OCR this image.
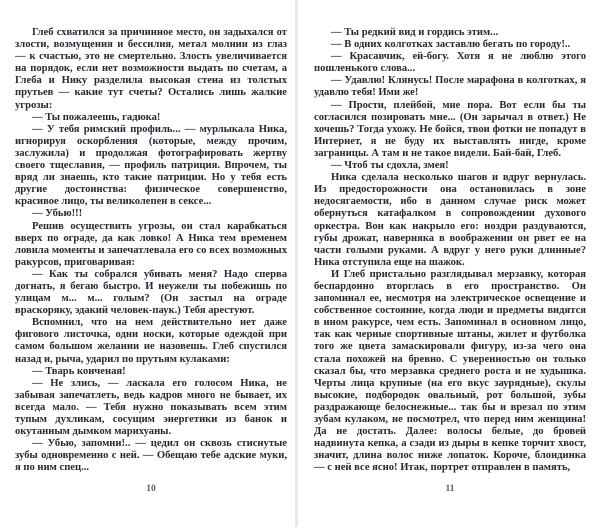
Глеб схватился за причинное место, он задыхался от злости, возмущения и бессилия, метал молнии из глаз — к счастью, это не смертельно. Злость увеличивается на порядок, если нет возможности выдать по счетам, а Глеба и Нику разделила высокая стена из толстых прутьев — какие тут счеты? Остались лишь жалкие угрозы:

— Ты пожалеешь, гадюка!

— У тебя римский профиль... — мурлыкала Ника, игнорируя оскорбления (которые, между прочим, заслужила) и продолжая фотографировать жертву своего тщеславия, — профиль патриция. Впрочем, ты вряд ли знаешь, кто такие патриции. Но у тебя есть другие достоинства: физическое совершенство, красивое лицо, ты великолепен в сексе...

— Убью!!!

Решив осуществить угрозы, он стал карабкаться вверх по ограде, да как ловко! А Ника тем временем ловила моменты и запечатлевала его со всех возможных ракурсов, приговаривая:

— Как ты собрался убивать меня? Надо сперва догнать, я бегаю быстро. И неужели ты побежишь по улицам м... м... голым? (Он застыл на ограде враскоряку, эдакий человек-паук.) Тебя арестуют.

Вспомнил, что на нем действительно нет даже фигового листочка, одни носки, которые одеждой при самом большом желании не назовешь. Глеб спустился назад и, рыча, ударил по прутьям кулаками:

— Тварь конченая!

— Не злись, — ласкала его голосом Ника, не забывая запечатлеть, ведь кадров много не бывает, их всегда мало. — Тебя нужно показывать всем этим тупым духликам, сосущим энергетики из банок и окутанным дымком марихуаны.

— Убью, запомни!.. — цедил он сквозь стиснутые зубы одновременно с ней. — Обещаю тебе адские муки, я по ним спец...

10

— Ты редкий вид и гордись этим...

— В одних колготках заставлю бегать по городу!..

— Красавчик, ей-богу. Хотя я не люблю этого пошленького слова...

— Удавлю! Клянусь! После марафона в колготках, я удавлю тебя! Ими же!

— Прости, плейбой, мне пора. Вот если бы ты согласился позировать мне... (Он зарычал в ответ.) Не хочешь? Тогда ухожу. Не бойся, твои фотки не попадут в Интернет, я не буду их выставлять нигде, кроме заграницы. А там и не такое видели. Бай-бай, Глеб.

— Чтоб ты сдохла, змея!

Ника сделала несколько шагов и вдруг вернулась. Из предосторожности она остановилась в зоне недосягаемости, ибо в данном случае риск может обернуться катафалком в сопровождении духового оркестра. Вон как накрыло его: ноздри раздуваются, губы дрожат, наверняка в воображении он рвет ее на части голыми руками. А вдруг у него руки длинные? Ника отступила еще на шажок.

И Глеб пристально разглядывал мерзавку, которая беспардонно вторглась в его пространство. Он запоминал ее, несмотря на электрическое освещение и собственное состояние, когда люди и предметы видятся в ином ракурсе, чем есть. Запоминал в основном лицо, так как черные спортивные штаны, жилет и футболка того же цвета замаскировали фигуру, из-за чего она стала похожей на бревно. С уверенностью он только сказал бы, что мерзавка среднего роста и не худышка. Черты лица крупные (на его вкус заурядные), скулы высокие, подбородок овальный, рот большой, зубы раздражающе белоснежные... так бы и врезал по этим зубам кулаком, не посмотрел, что перед ним женщина! Да не достать. Далее: волосы белые, до бровей надвинута кепка, а сзади из дыры в кепке торчит хвост, значит, длина волос ниже лопаток. Короче, блондинка — с ней все ясно! Итак, портрет отправлен в память,

11
